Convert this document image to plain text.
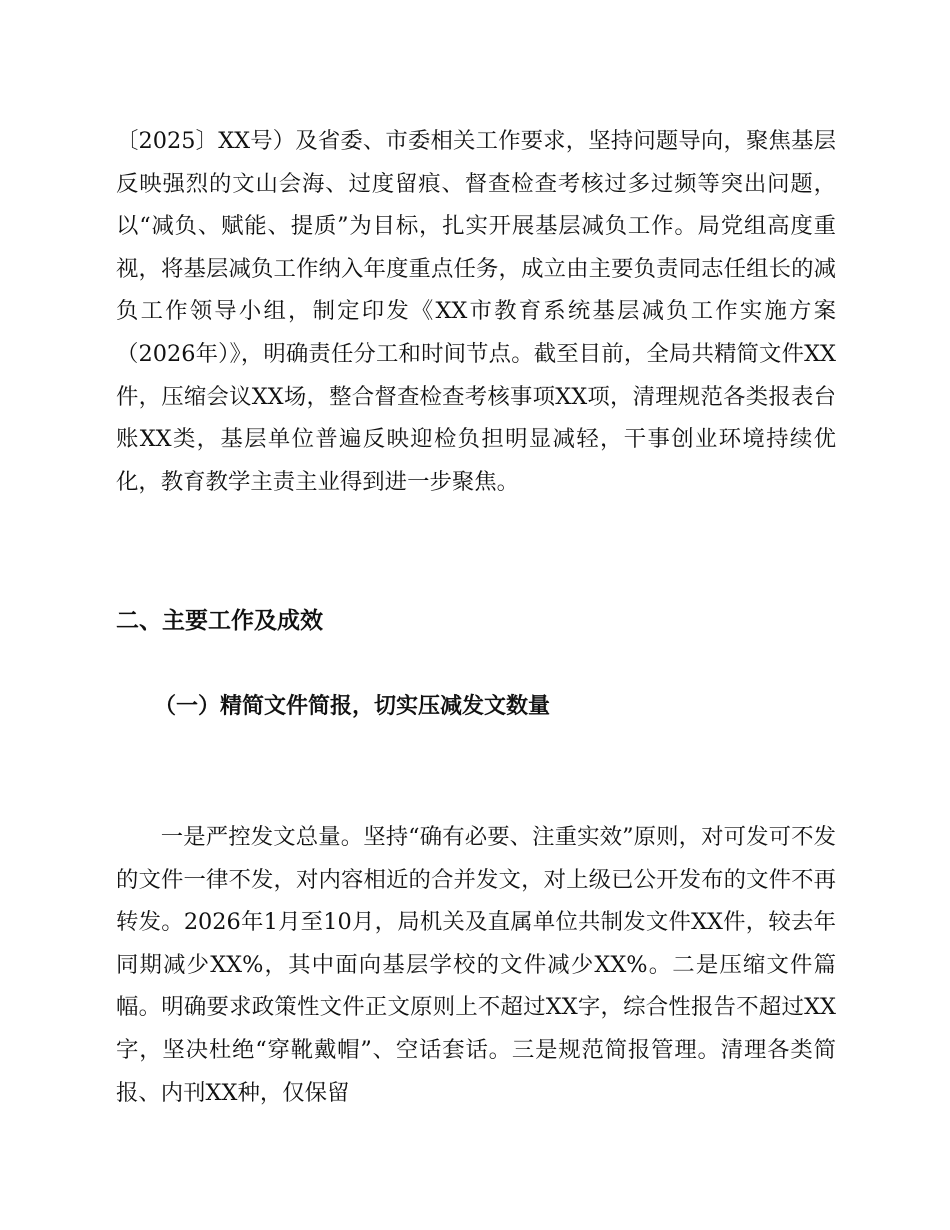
〔2025〕XX号）及省委、市委相关工作要求，坚持问题导向，聚焦基层反映强烈的文山会海、过度留痕、督查检查考核过多过频等突出问题，以“减负、赋能、提质”为目标，扎实开展基层减负工作。局党组高度重视，将基层减负工作纳入年度重点任务，成立由主要负责同志任组长的减负工作领导小组，制定印发《XX市教育系统基层减负工作实施方案（2026年）》，明确责任分工和时间节点。截至目前，全局共精简文件XX件，压缩会议XX场，整合督查检查考核事项XX项，清理规范各类报表台账XX类，基层单位普遍反映迎检负担明显减轻，干事创业环境持续优化，教育教学主责主业得到进一步聚焦。
二、主要工作及成效
（一）精简文件简报，切实压减发文数量
一是严控发文总量。坚持“确有必要、注重实效”原则，对可发可不发的文件一律不发，对内容相近的合并发文，对上级已公开发布的文件不再转发。2026年1月至10月，局机关及直属单位共制发文件XX件，较去年同期减少XX%，其中面向基层学校的文件减少XX%。二是压缩文件篇幅。明确要求政策性文件正文原则上不超过XX字，综合性报告不超过XX字，坚决杜绝“穿靴戴帽”、空话套话。三是规范简报管理。清理各类简报、内刊XX种，仅保留
